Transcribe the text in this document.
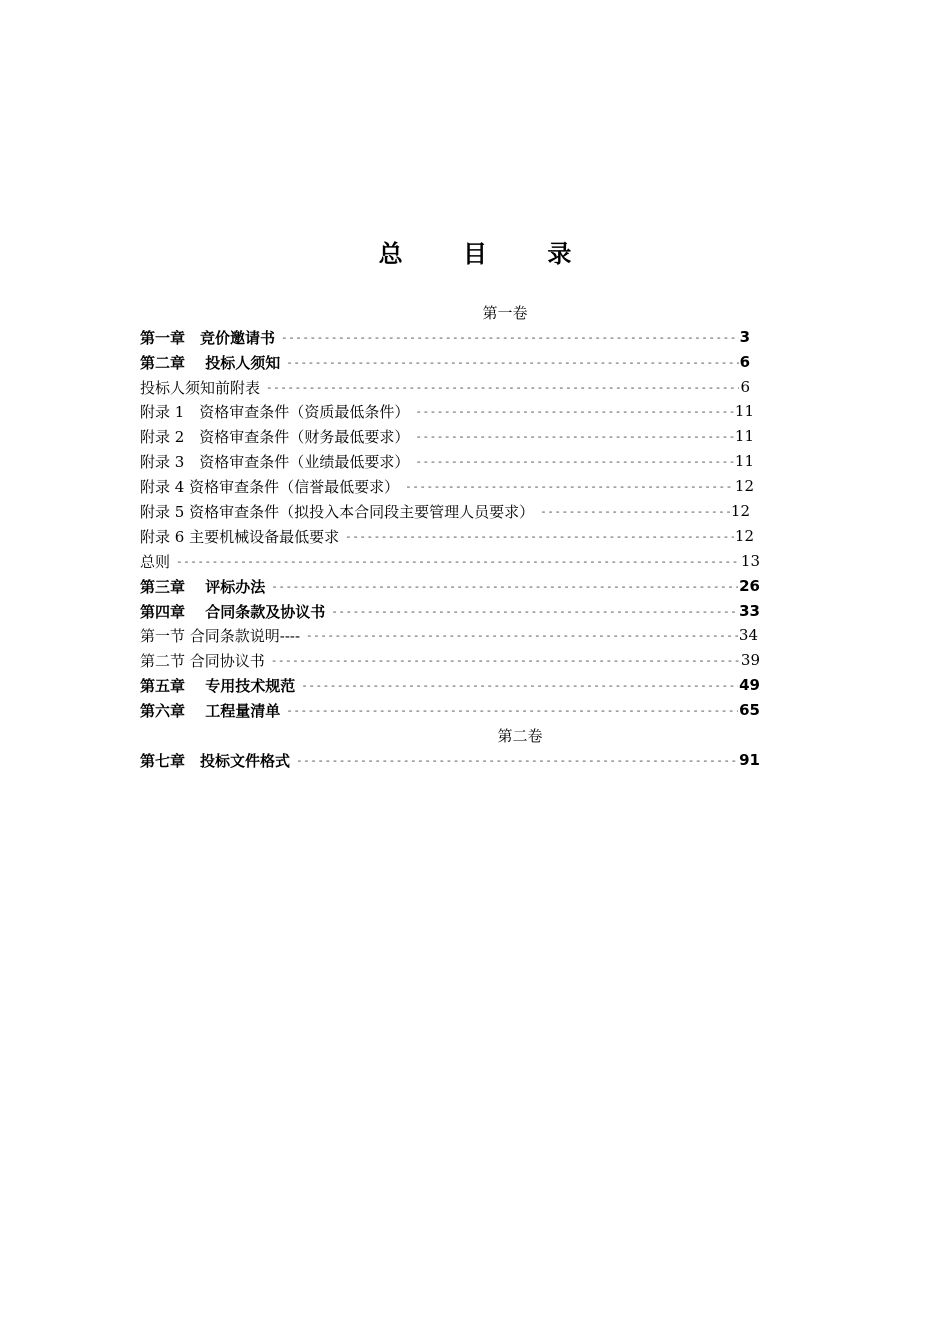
总 目 录
第一卷
第一章　竞价邀请书 -----	3
第二章　 投标人须知 -----	6
投标人须知前附表 -----	6
附录 1　资格审查条件（资质最低条件） -----	11
附录 2　资格审查条件（财务最低要求） -----	11
附录 3　资格审查条件（业绩最低要求） -----	11
附录 4 资格审查条件（信誉最低要求） -----	12
附录 5 资格审查条件（拟投入本合同段主要管理人员要求） -----	12
附录 6 主要机械设备最低要求 -----	12
总则 -----	13
第三章　 评标办法 -----	26
第四章　 合同条款及协议书 -----	33
第一节 合同条款说明---- -----	34
第二节 合同协议书 -----	39
第五章　 专用技术规范 -----	49
第六章　 工程量清单 -----	65
第二卷
第七章　投标文件格式 -----	91
